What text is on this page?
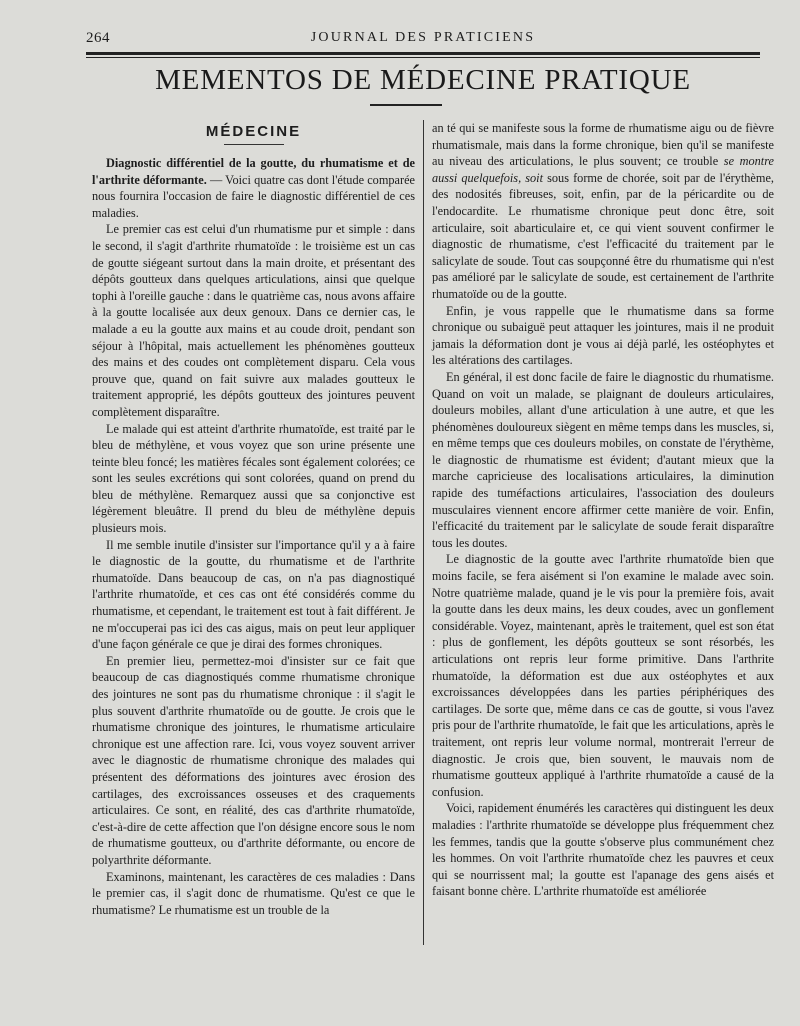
264	JOURNAL DES PRATICIENS
MEMENTOS DE MÉDECINE PRATIQUE
MÉDECINE

Diagnostic différentiel de la goutte, du rhumatisme et de l'arthrite déformante. — Voici quatre cas dont l'étude comparée nous fournira l'occasion de faire le diagnostic différentiel de ces maladies.

Le premier cas est celui d'un rhumatisme pur et simple : dans le second, il s'agit d'arthrite rhumatoïde : le troisième est un cas de goutte siégeant surtout dans la main droite, et présentant des dépôts goutteux dans quelques articulations, ainsi que quelque tophi à l'oreille gauche : dans le quatrième cas, nous avons affaire à la goutte localisée aux deux genoux. Dans ce dernier cas, le malade a eu la goutte aux mains et au coude droit, pendant son séjour à l'hôpital, mais actuellement les phénomènes goutteux des mains et des coudes ont complètement disparu. Cela vous prouve que, quand on fait suivre aux malades goutteux le traitement approprié, les dépôts goutteux des jointures peuvent complètement disparaître.

Le malade qui est atteint d'arthrite rhumatoïde, est traité par le bleu de méthylène, et vous voyez que son urine présente une teinte bleu foncé; les matières fécales sont également colorées; ce sont les seules excrétions qui sont colorées, quand on prend du bleu de méthylène. Remarquez aussi que sa conjonctive est légèrement bleuâtre. Il prend du bleu de méthylène depuis plusieurs mois.

Il me semble inutile d'insister sur l'importance qu'il y a à faire le diagnostic de la goutte, du rhumatisme et de l'arthrite rhumatoïde. Dans beaucoup de cas, on n'a pas diagnostiqué l'arthrite rhumatoïde, et ces cas ont été considérés comme du rhumatisme, et cependant, le traitement est tout à fait différent. Je ne m'occuperai pas ici des cas aigus, mais on peut leur appliquer d'une façon générale ce que je dirai des formes chroniques.

En premier lieu, permettez-moi d'insister sur ce fait que beaucoup de cas diagnostiqués comme rhumatisme chronique des jointures ne sont pas du rhumatisme chronique : il s'agit le plus souvent d'arthrite rhumatoïde ou de goutte. Je crois que le rhumatisme chronique des jointures, le rhumatisme articulaire chronique est une affection rare. Ici, vous voyez souvent arriver avec le diagnostic de rhumatisme chronique des malades qui présentent des déformations des jointures avec érosion des cartilages, des excroissances osseuses et des craquements articulaires. Ce sont, en réalité, des cas d'arthrite rhumatoïde, c'est-à-dire de cette affection que l'on désigne encore sous le nom de rhumatisme goutteux, ou d'arthrite déformante, ou encore de polyarthrite déformante.

Examinons, maintenant, les caractères de ces maladies : Dans le premier cas, il s'agit donc de rhumatisme. Qu'est ce que le rhumatisme? Le rhumatisme est un trouble de la

an té qui se manifeste sous la forme de rhumatisme aigu ou de fièvre rhumatismale, mais dans la forme chronique, bien qu'il se manifeste au niveau des articulations, le plus souvent; ce trouble se montre aussi quelquefois, soit sous forme de chorée, soit par de l'érythème, des nodosités fibreuses, soit, enfin, par de la péricardite ou de l'endocardite. Le rhumatisme chronique peut donc être, soit articulaire, soit abarticulaire et, ce qui vient souvent confirmer le diagnostic de rhumatisme, c'est l'efficacité du traitement par le salicylate de soude. Tout cas soupçonné être du rhumatisme qui n'est pas amélioré par le salicylate de soude, est certainement de l'arthrite rhumatoïde ou de la goutte.

Enfin, je vous rappelle que le rhumatisme dans sa forme chronique ou subaiguë peut attaquer les jointures, mais il ne produit jamais la déformation dont je vous ai déjà parlé, les ostéophytes et les altérations des cartilages.

En général, il est donc facile de faire le diagnostic du rhumatisme. Quand on voit un malade, se plaignant de douleurs articulaires, douleurs mobiles, allant d'une articulation à une autre, et que les phénomènes douloureux siègent en même temps dans les muscles, si, en même temps que ces douleurs mobiles, on constate de l'érythème, le diagnostic de rhumatisme est évident; d'autant mieux que la marche capricieuse des localisations articulaires, la diminution rapide des tuméfactions articulaires, l'association des douleurs musculaires viennent encore affirmer cette manière de voir. Enfin, l'efficacité du traitement par le salicylate de soude ferait disparaître tous les doutes.

Le diagnostic de la goutte avec l'arthrite rhumatoïde bien que moins facile, se fera aisément si l'on examine le malade avec soin. Notre quatrième malade, quand je le vis pour la première fois, avait la goutte dans les deux mains, les deux coudes, avec un gonflement considérable. Voyez, maintenant, après le traitement, quel est son état : plus de gonflement, les dépôts goutteux se sont résorbés, les articulations ont repris leur forme primitive. Dans l'arthrite rhumatoïde, la déformation est due aux ostéophytes et aux excroissances développées dans les parties périphériques des cartilages. De sorte que, même dans ce cas de goutte, si vous l'avez pris pour de l'arthrite rhumatoïde, le fait que les articulations, après le traitement, ont repris leur volume normal, montrerait l'erreur de diagnostic. Je crois que, bien souvent, le mauvais nom de rhumatisme goutteux appliqué à l'arthrite rhumatoïde a causé de la confusion.

Voici, rapidement énumérés les caractères qui distinguent les deux maladies : l'arthrite rhumatoïde se développe plus fréquemment chez les femmes, tandis que la goutte s'observe plus communément chez les hommes. On voit l'arthrite rhumatoïde chez les pauvres et ceux qui se nourrissent mal; la goutte est l'apanage des gens aisés et faisant bonne chère. L'arthrite rhumatoïde est améliorée
